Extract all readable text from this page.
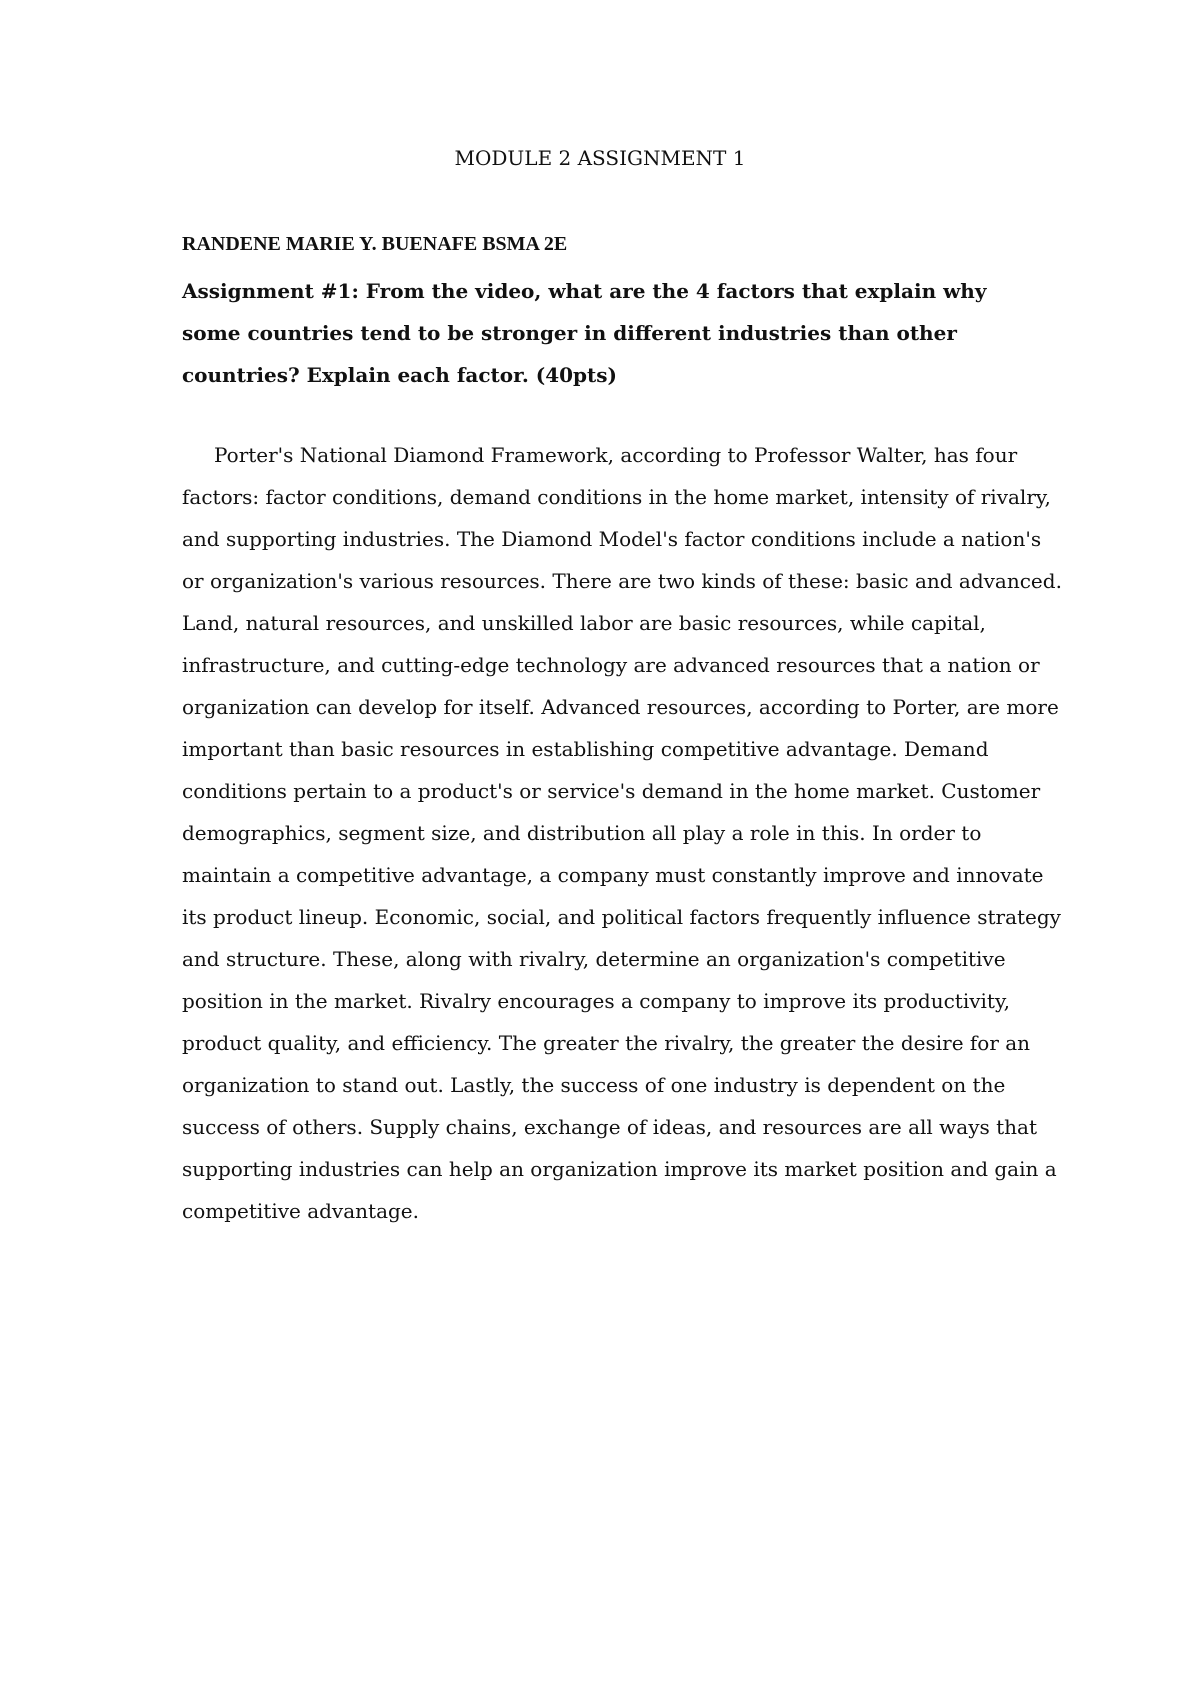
MODULE 2 ASSIGNMENT 1
RANDENE MARIE Y. BUENAFE BSMA 2E
Assignment #1: From the video, what are the 4 factors that explain why
some countries tend to be stronger in different industries than other
countries? Explain each factor. (40pts)
Porter's National Diamond Framework, according to Professor Walter, has four
factors: factor conditions, demand conditions in the home market, intensity of rivalry,
and supporting industries. The Diamond Model's factor conditions include a nation's
or organization's various resources. There are two kinds of these: basic and advanced.
Land, natural resources, and unskilled labor are basic resources, while capital,
infrastructure, and cutting-edge technology are advanced resources that a nation or
organization can develop for itself. Advanced resources, according to Porter, are more
important than basic resources in establishing competitive advantage. Demand
conditions pertain to a product's or service's demand in the home market. Customer
demographics, segment size, and distribution all play a role in this. In order to
maintain a competitive advantage, a company must constantly improve and innovate
its product lineup. Economic, social, and political factors frequently influence strategy
and structure. These, along with rivalry, determine an organization's competitive
position in the market. Rivalry encourages a company to improve its productivity,
product quality, and efficiency. The greater the rivalry, the greater the desire for an
organization to stand out. Lastly, the success of one industry is dependent on the
success of others. Supply chains, exchange of ideas, and resources are all ways that
supporting industries can help an organization improve its market position and gain a
competitive advantage.
